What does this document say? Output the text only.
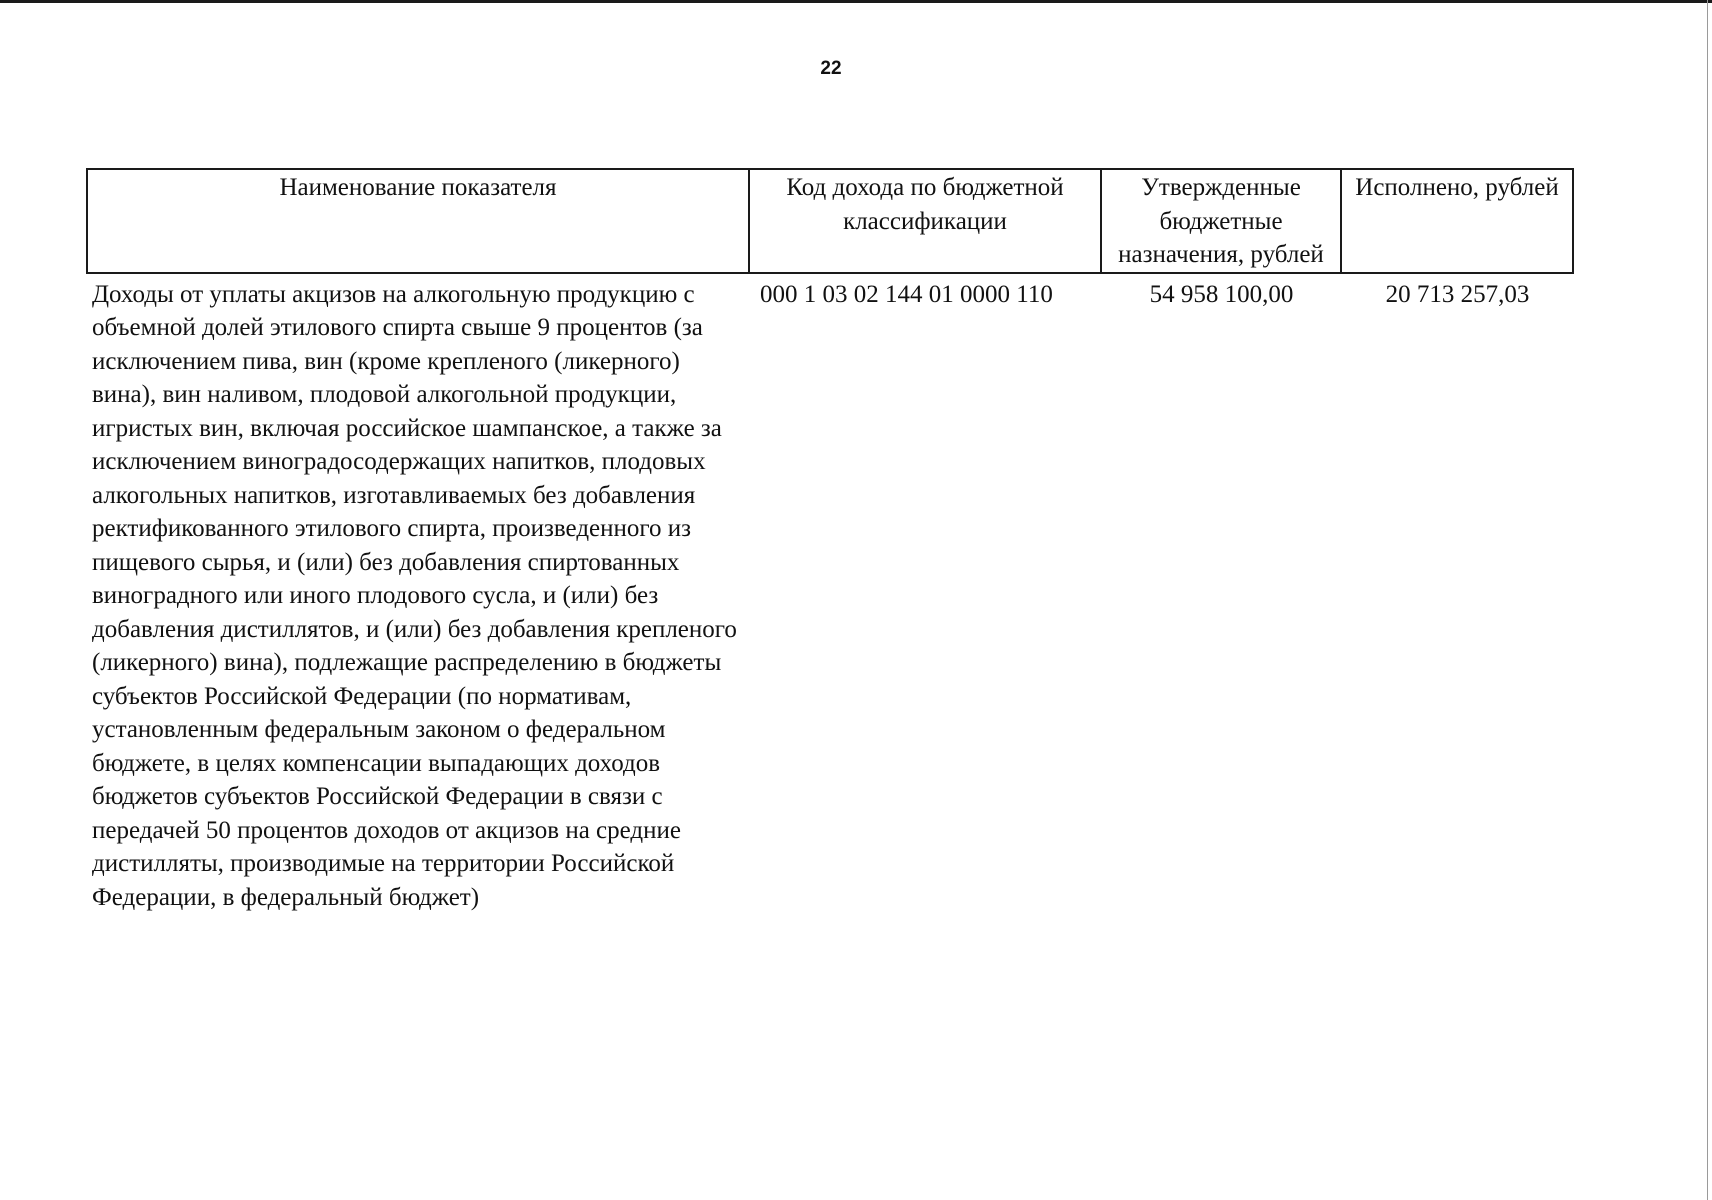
22
Наименование показателя	Код дохода по бюджетной классификации	Утвержденные бюджетные назначения, рублей	Исполнено, рублей
Доходы от уплаты акцизов на алкогольную продукцию с объемной долей этилового спирта свыше 9 процентов (за исключением пива, вин (кроме крепленого (ликерного) вина), вин наливом, плодовой алкогольной продукции, игристых вин, включая российское шампанское, а также за исключением виноградосодержащих напитков, плодовых алкогольных напитков, изготавливаемых без добавления ректификованного этилового спирта, произведенного из пищевого сырья, и (или) без добавления спиртованных виноградного или иного плодового сусла, и (или) без добавления дистиллятов, и (или) без добавления крепленого (ликерного) вина), подлежащие распределению в бюджеты субъектов Российской Федерации (по нормативам, установленным федеральным законом о федеральном бюджете, в целях компенсации выпадающих доходов бюджетов субъектов Российской Федерации в связи с передачей 50 процентов доходов от акцизов на средние дистилляты, производимые на территории Российской Федерации, в федеральный бюджет)	000 1 03 02 144 01 0000 110	54 958 100,00	20 713 257,03
